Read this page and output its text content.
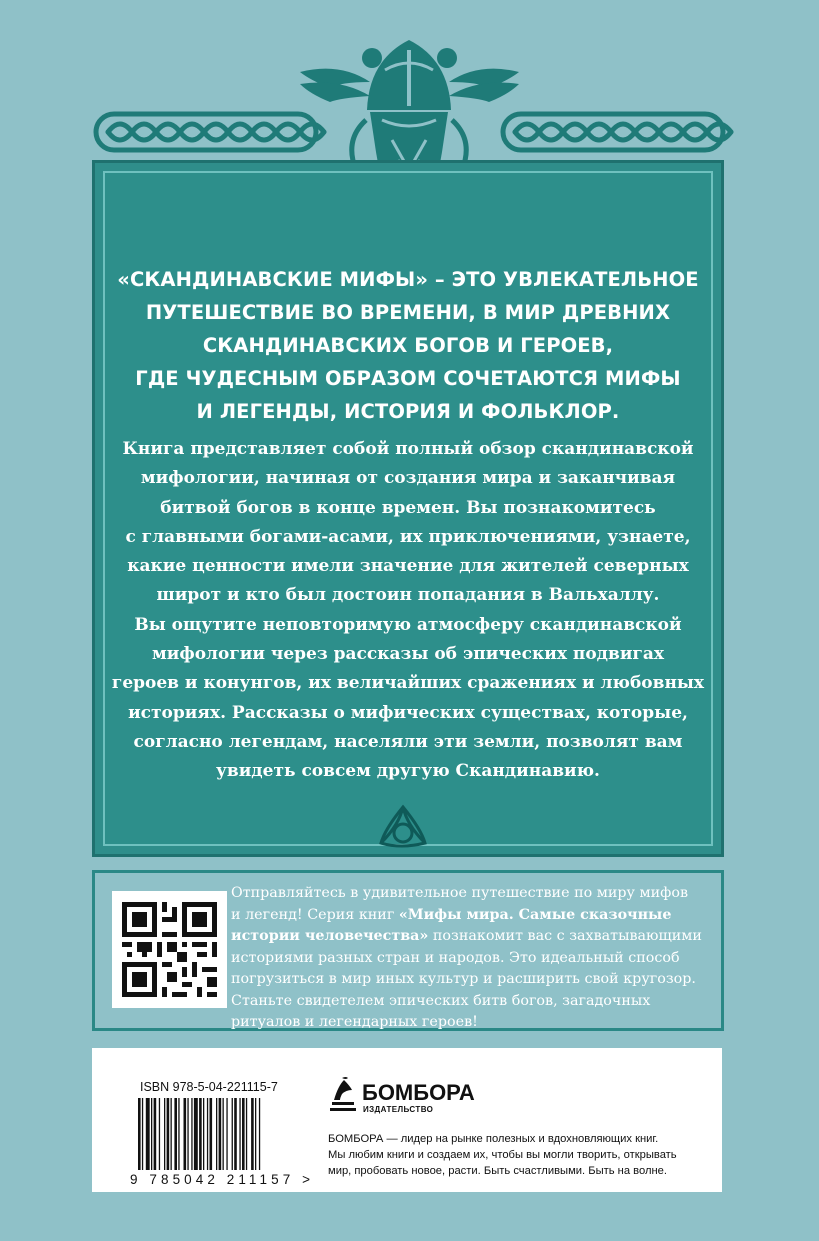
«СКАНДИНАВСКИЕ МИФЫ» – ЭТО УВЛЕКАТЕЛЬНОЕ
ПУТЕШЕСТВИЕ ВО ВРЕМЕНИ, В МИР ДРЕВНИХ
СКАНДИНАВСКИХ БОГОВ И ГЕРОЕВ,
ГДЕ ЧУДЕСНЫМ ОБРАЗОМ СОЧЕТАЮТСЯ МИФЫ
И ЛЕГЕНДЫ, ИСТОРИЯ И ФОЛЬКЛОР.
Книга представляет собой полный обзор скандинавской
мифологии, начиная от создания мира и заканчивая
битвой богов в конце времен. Вы познакомитесь
с главными богами-асами, их приключениями, узнаете,
какие ценности имели значение для жителей северных
широт и кто был достоин попадания в Вальхаллу.
Вы ощутите неповторимую атмосферу скандинавской
мифологии через рассказы об эпических подвигах
героев и конунгов, их величайших сражениях и любовных
историях. Рассказы о мифических существах, которые,
согласно легендам, населяли эти земли, позволят вам
увидеть совсем другую Скандинавию.
Отправляйтесь в удивительное путешествие по миру мифов
и легенд! Серия книг «Мифы мира. Самые сказочные
истории человечества» познакомит вас с захватывающими
историями разных стран и народов. Это идеальный способ
погрузиться в мир иных культур и расширить свой кругозор.
Станьте свидетелем эпических битв богов, загадочных
ритуалов и легендарных героев!
ISBN 978-5-04-221115-7
9 785042 211157 >
БОМБОРА
ИЗДАТЕЛЬСТВО
БОМБОРА — лидер на рынке полезных и вдохновляющих книг.
Мы любим книги и создаем их, чтобы вы могли творить, открывать
мир, пробовать новое, расти. Быть счастливыми. Быть на волне.
